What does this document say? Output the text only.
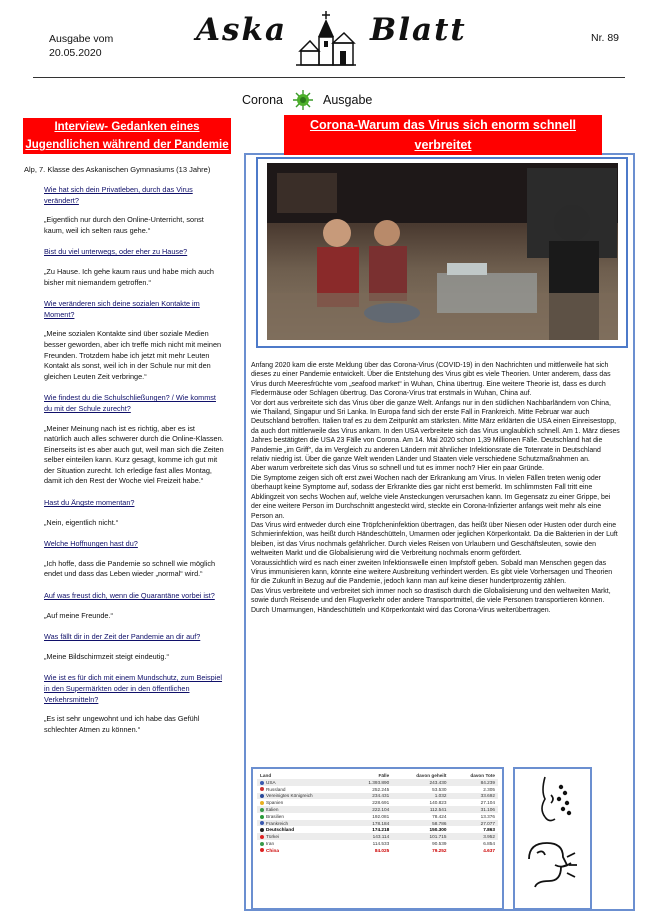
Ausgabe vom
20.05.2020
Aska	Blatt	Nr. 89
Corona	Ausgabe
Interview- Gedanken eines
Jugendlichen während der Pandemie
Alp, 7. Klasse des Askanischen Gymnasiums (13 Jahre)
Wie hat sich dein Privatleben, durch das Virus verändert?
„Eigentlich nur durch den Online-Unterricht, sonst kaum, weil ich selten raus gehe.“
Bist du viel unterwegs, oder eher zu Hause?
„Zu Hause. Ich gehe kaum raus und habe mich auch bisher mit niemandem getroffen.“
Wie veränderen sich deine sozialen Kontakte im Moment?
„Meine sozialen Kontakte sind über soziale Medien besser geworden, aber ich treffe mich nicht mit meinen Freunden. Trotzdem habe ich jetzt mit mehr Leuten Kontakt als sonst, weil ich in der Schule nur mit den gleichen Leuten Zeit verbringe.“
Wie findest du die Schulschließungen? / Wie kommst du mit der Schule zurecht?
„Meiner Meinung nach ist es richtig, aber es ist natürlich auch alles schwerer durch die Online-Klassen. Einerseits ist es aber auch gut, weil man sich die Zeiten selber einteilen kann. Kurz gesagt, komme ich gut mit der Situation zurecht. Ich erledige fast alles Montag, damit ich den Rest der Woche viel Freizeit habe.“
Hast du Ängste momentan?
„Nein, eigentlich nicht.“
Welche Hoffnungen hast du?
„Ich hoffe, dass die Pandemie so schnell wie möglich endet und dass das Leben wieder „normal“ wird.“
Auf was freust dich, wenn die Quarantäne vorbei ist?
„Auf meine Freunde.“
Was fällt dir in der Zeit der Pandemie an dir auf?
„Meine Bildschirmzeit steigt eindeutig.“
Wie ist es für dich mit einem Mundschutz, zum Beispiel in den Supermärkten oder in den öffentlichen Verkehrsmitteln?
„Es ist sehr ungewohnt und ich habe das Gefühl schlechter Atmen zu können.“
Corona-Warum das Virus sich enorm schnell
verbreitet

Anfang 2020 kam die erste Meldung über das Corona-Virus (COVID-19) in den Nachrichten und mittlerweile hat sich dieses zu einer Pandemie entwickelt. Über die Entstehung des Virus gibt es viele Theorien. Unter anderem, dass das Virus durch Meeresfrüchte vom „seafood market“ in Wuhan, China übertrug. Eine weitere Theorie ist, dass es durch Fledermäuse oder Schlagen übertrug. Das Corona-Virus trat erstmals in Wuhan, China auf.

Vor dort aus verbreitete sich das Virus über die ganze Welt. Anfangs nur in den südlichen Nachbarländern von China, wie Thailand, Singapur und Sri Lanka. In Europa fand sich der erste Fall in Frankreich. Mitte Februar war auch Deutschland betroffen. Italien traf es zu dem Zeitpunkt am stärksten. Mitte März erklärten die USA einen Einreisestopp, da auch dort mittlerweile das Virus ankam. In den USA verbreitete sich das Virus unglaublich schnell. Am 1. März dieses Jahres bestätigten die USA 23 Fälle von Corona. Am 14. Mai 2020 schon 1,39 Millionen Fälle. Deutschland hat die Pandemie „im Griff“, da im Vergleich zu anderen Ländern mit ähnlicher Infektionsrate die Totenrate in Deutschland relativ niedrig ist. Über die ganze Welt wenden Länder und Staaten viele verschiedene Schutzmaßnahmen an.

Aber warum verbreitete sich das Virus so schnell und tut es immer noch? Hier ein paar Gründe.

Die Symptome zeigen sich oft erst zwei Wochen nach der Erkrankung am Virus. In vielen Fällen treten wenig oder überhaupt keine Symptome auf, sodass der Erkrankte dies gar nicht erst bemerkt. Im schlimmsten Fall tritt eine Abklingzeit von sechs Wochen auf, welche viele Ansteckungen verursachen kann. Im Gegensatz zu einer Grippe, bei der eine weitere Person im Durchschnitt angesteckt wird, steckte ein Corona-Infizierter anfangs weit mehr als eine Person an.

Das Virus wird entweder durch eine Tröpfcheninfektion übertragen, das heißt über Niesen oder Husten oder durch eine Schmierinfektion, was heißt durch Händeschütteln, Umarmen oder jeglichen Körperkontakt. Da die Bakterien in der Luft bleiben, ist das Virus nochmals gefährlicher. Durch vieles Reisen von Urlaubern und Geschäftsleuten, sowie den weltweiten Markt und die Globalisierung wird die Verbreitung nochmals enorm gefördert.

Voraussichtlich wird es nach einer zweiten Infektionswelle einen Impfstoff geben. Sobald man Menschen gegen das Virus immunisieren kann, könnte eine weitere Ausbreitung verhindert werden. Es gibt viele Vorhersagen und Theorien für die Zukunft in Bezug auf die Pandemie, jedoch kann man auf keine dieser hundertprozentig zählen.

Das Virus verbreitete und verbreitet sich immer noch so drastisch durch die Globalisierung und den weltweiten Markt, sowie durch Reisende und den Flugverkehr oder andere Transportmittel, die viele Personen transportieren können. Durch Umarmungen, Händeschütteln und Körperkontakt wird das Corona-Virus weiterübertragen.

Land	Fälle	davon geheilt	davon Tote
USA	1.393.890	243.430	84.239
Russland	252.245	53.530	2.305
Vereinigtes Königreich	234.431	1.032	33.692
Spanien	228.691	140.823	27.104
Italien	222.104	112.541	31.106
Brasilien	192.081	78.424	13.376
Frankreich	178.184	58.786	27.077
Deutschland	174.218	150.300	7.863
Türkei	143.114	101.715	3.952
Iran	114.533	90.539	6.854
China	84.025	79.252	4.637
